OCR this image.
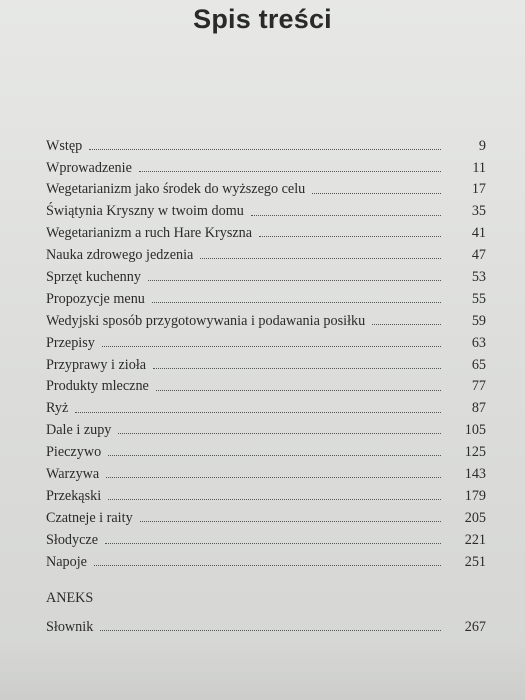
Spis treści
Wstęp	9
Wprowadzenie	11
Wegetarianizm jako środek do wyższego celu	17
Świątynia Kryszny w twoim domu	35
Wegetarianizm a ruch Hare Kryszna	41
Nauka zdrowego jedzenia	47
Sprzęt kuchenny	53
Propozycje menu	55
Wedyjski sposób przygotowywania i podawania posiłku	59
Przepisy	63
Przyprawy i zioła	65
Produkty mleczne	77
Ryż	87
Dale i zupy	105
Pieczywo	125
Warzywa	143
Przekąski	179
Czatneje i raity	205
Słodycze	221
Napoje	251
ANEKS
Słownik	267
